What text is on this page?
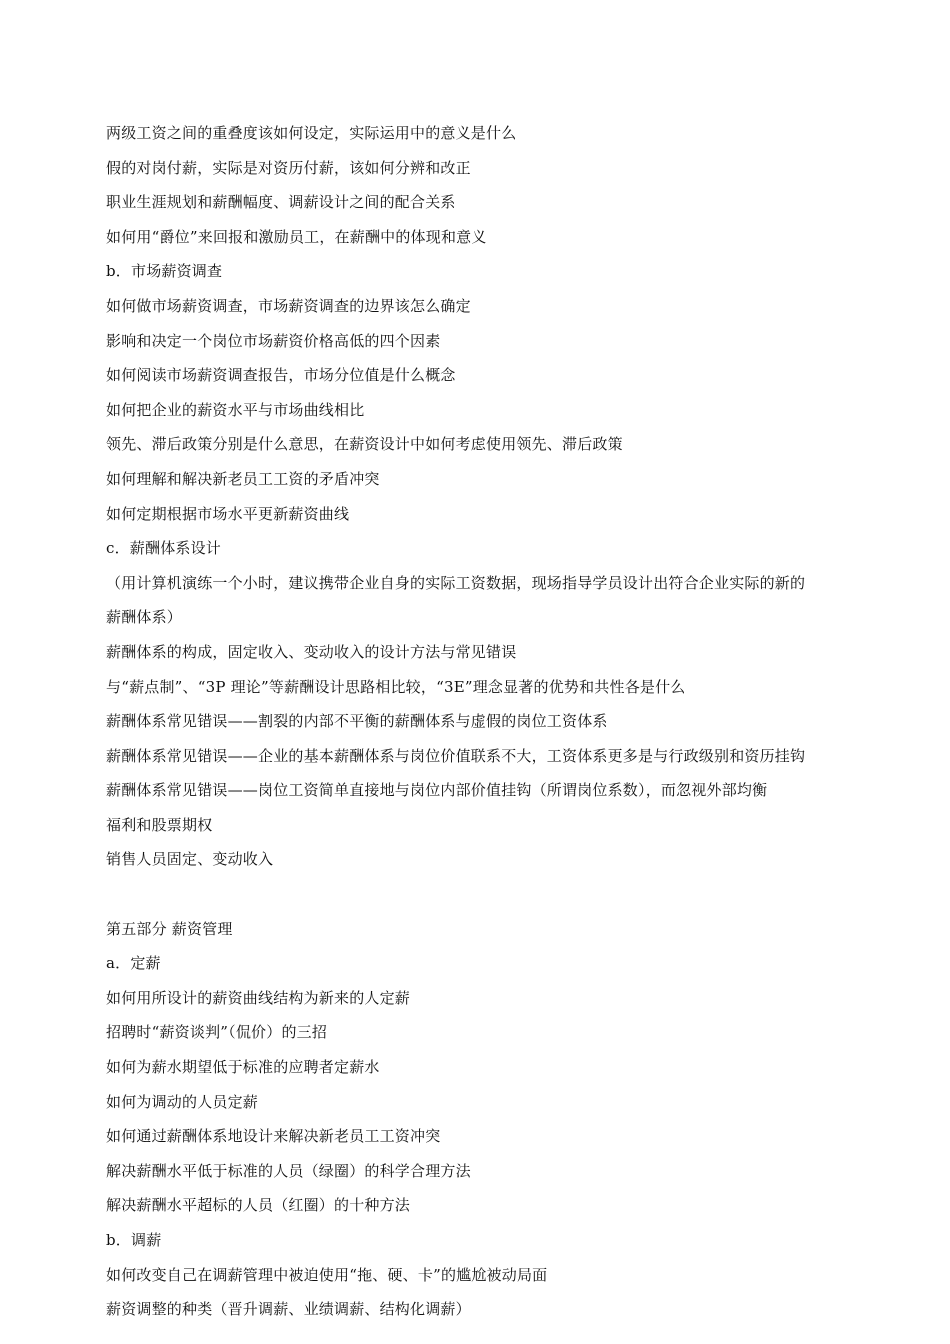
两级工资之间的重叠度该如何设定，实际运用中的意义是什么
假的对岗付薪，实际是对资历付薪，该如何分辨和改正
职业生涯规划和薪酬幅度、调薪设计之间的配合关系
如何用“爵位”来回报和激励员工，在薪酬中的体现和意义
b．市场薪资调查
如何做市场薪资调查，市场薪资调查的边界该怎么确定
影响和决定一个岗位市场薪资价格高低的四个因素
如何阅读市场薪资调查报告，市场分位值是什么概念
如何把企业的薪资水平与市场曲线相比
领先、滞后政策分别是什么意思，在薪资设计中如何考虑使用领先、滞后政策
如何理解和解决新老员工工资的矛盾冲突
如何定期根据市场水平更新薪资曲线
c．薪酬体系设计
（用计算机演练一个小时，建议携带企业自身的实际工资数据，现场指导学员设计出符合企业实际的新的
薪酬体系）
薪酬体系的构成，固定收入、变动收入的设计方法与常见错误
与“薪点制”、“3P 理论”等薪酬设计思路相比较，“3E”理念显著的优势和共性各是什么
薪酬体系常见错误——割裂的内部不平衡的薪酬体系与虚假的岗位工资体系
薪酬体系常见错误——企业的基本薪酬体系与岗位价值联系不大，工资体系更多是与行政级别和资历挂钩
薪酬体系常见错误——岗位工资简单直接地与岗位内部价值挂钩（所谓岗位系数），而忽视外部均衡
福利和股票期权
销售人员固定、变动收入
第五部分 薪资管理
a．定薪
如何用所设计的薪资曲线结构为新来的人定薪
招聘时“薪资谈判”（侃价）的三招
如何为薪水期望低于标准的应聘者定薪水
如何为调动的人员定薪
如何通过薪酬体系地设计来解决新老员工工资冲突
解决薪酬水平低于标准的人员（绿圈）的科学合理方法
解决薪酬水平超标的人员（红圈）的十种方法
b．调薪
如何改变自己在调薪管理中被迫使用“拖、硬、卡”的尴尬被动局面
薪资调整的种类（晋升调薪、业绩调薪、结构化调薪）
